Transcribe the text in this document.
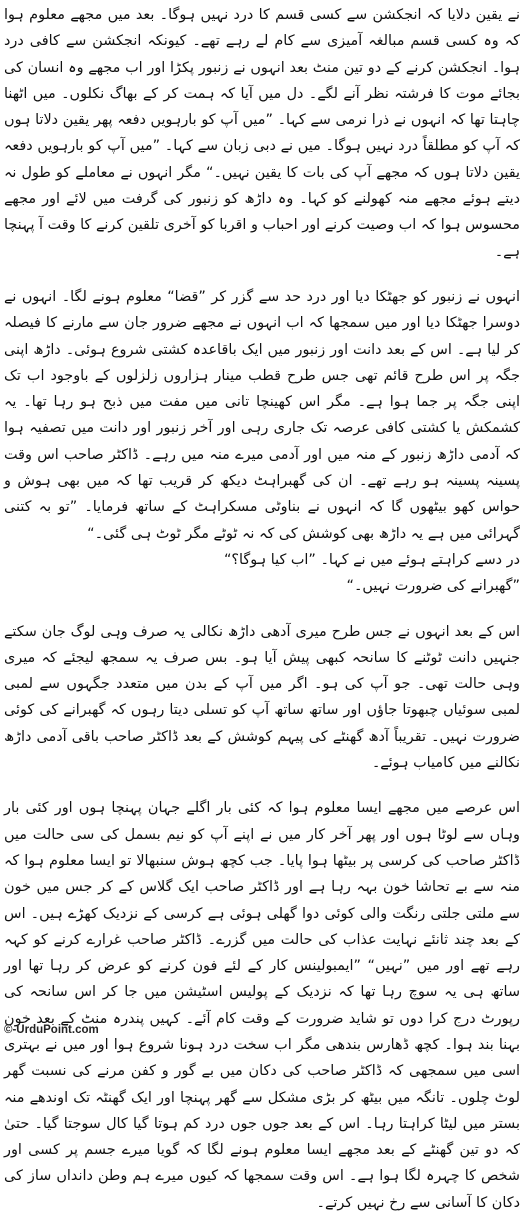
نے یقین دلایا کہ انجکشن سے کسی قسم کا درد نہیں ہوگا۔ بعد میں مجھے معلوم ہوا کہ وہ کسی قسم مبالغہ آمیزی سے کام لے رہے تھے۔ کیونکہ انجکشن سے کافی درد ہوا۔ انجکشن کرنے کے دو تین منٹ بعد انہوں نے زنبور پکڑا اور اب مجھے وہ انسان کی بجائے موت کا فرشتہ نظر آنے لگے۔ دل میں آیا کہ ہمت کر کے بھاگ نکلوں۔ میں اٹھنا چاہتا تھا کہ انہوں نے ذرا نرمی سے کہا۔ ”میں آپ کو بارہویں دفعہ پھر یقین دلاتا ہوں کہ آپ کو مطلقاً درد نہیں ہوگا۔ میں نے دبی زبان سے کہا۔ ”میں آپ کو بارہویں دفعہ یقین دلاتا ہوں کہ مجھے آپ کی بات کا یقین نہیں۔“ مگر انہوں نے معاملے کو طول نہ دیتے ہوئے مجھے منہ کھولنے کو کہا۔ وہ داڑھ کو زنبور کی گرفت میں لائے اور مجھے محسوس ہوا کہ اب وصیت کرنے اور احباب و اقربا کو آخری تلقین کرنے کا وقت آ پہنچا ہے۔

انہوں نے زنبور کو جھٹکا دیا اور درد حد سے گزر کر ”قضا“ معلوم ہونے لگا۔ انہوں نے دوسرا جھٹکا دیا اور میں سمجھا کہ اب انہوں نے مجھے ضرور جان سے مارنے کا فیصلہ کر لیا ہے۔ اس کے بعد دانت اور زنبور میں ایک باقاعدہ کشتی شروع ہوئی۔ داڑھ اپنی جگہ پر اس طرح قائم تھی جس طرح قطب مینار ہزاروں زلزلوں کے باوجود اب تک اپنی جگہ پر جما ہوا ہے۔ مگر اس کھینچا تانی میں مفت میں ذبح ہو رہا تھا۔ یہ کشمکش یا کشتی کافی عرصہ تک جاری رہی اور آخر زنبور اور دانت میں تصفیہ ہوا کہ آدمی داڑھ زنبور کے منہ میں اور آدمی میرے منہ میں رہے۔ ڈاکٹر صاحب اس وقت پسینہ پسینہ ہو رہے تھے۔ ان کی گھبراہٹ دیکھ کر قریب تھا کہ میں بھی ہوش و حواس کھو بیٹھوں گا کہ انہوں نے بناوٹی مسکراہٹ کے ساتھ فرمایا۔ ”تو بہ کتنی گہرائی میں ہے یہ داڑھ بھی کوشش کی کہ نہ ٹوٹے مگر ٹوٹ ہی گئی۔“

در دسے کراہتے ہوئے میں نے کہا۔ ”اب کیا ہوگا؟“

”گھبرانے کی ضرورت نہیں۔“

اس کے بعد انہوں نے جس طرح میری آدھی داڑھ نکالی یہ صرف وہی لوگ جان سکتے جنہیں دانت ٹوٹنے کا سانحہ کبھی پیش آیا ہو۔ بس صرف یہ سمجھ لیجئے کہ میری وہی حالت تھی۔ جو آپ کی ہو۔ اگر میں آپ کے بدن میں متعدد جگہوں سے لمبی لمبی سوئیاں چبھوتا جاؤں اور ساتھ ساتھ آپ کو تسلی دیتا رہوں کہ گھبرانے کی کوئی ضرورت نہیں۔ تقریباً آدھ گھنٹے کی پیہم کوشش کے بعد ڈاکٹر صاحب باقی آدمی داڑھ نکالنے میں کامیاب ہوئے۔

اس عرصے میں مجھے ایسا معلوم ہوا کہ کئی بار اگلے جہان پہنچا ہوں اور کئی بار وہاں سے لوٹا ہوں اور پھر آخر کار میں نے اپنے آپ کو نیم بسمل کی سی حالت میں ڈاکٹر صاحب کی کرسی پر بیٹھا ہوا پایا۔ جب کچھ ہوش سنبھالا تو ایسا معلوم ہوا کہ منہ سے بے تحاشا خون بہہ رہا ہے اور ڈاکٹر صاحب ایک گلاس کے کر جس میں خون سے ملتی جلتی رنگت والی کوئی دوا گھلی ہوئی ہے کرسی کے نزدیک کھڑے ہیں۔ اس کے بعد چند ثانئے نہایت عذاب کی حالت میں گزرے۔ ڈاکٹر صاحب غرارے کرنے کو کہہ رہے تھے اور میں ”نہیں“ ”ایمبولینس کار کے لئے فون کرنے کو عرض کر رہا تھا اور ساتھ ہی یہ سوچ رہا تھا کہ نزدیک کے پولیس اسٹیشن میں جا کر اس سانحہ کی رپورٹ درج کرا دوں تو شاید ضرورت کے وقت کام آئے۔ کہیں پندرہ منٹ کے بعد خون بہنا بند ہوا۔ کچھ ڈھارس بندھی مگر اب سخت درد ہونا شروع ہوا اور میں نے بہتری اسی میں سمجھی کہ ڈاکٹر صاحب کی دکان میں بے گور و کفن مرنے کی نسبت گھر لوٹ چلوں۔ تانگہ میں بیٹھ کر بڑی مشکل سے گھر پہنچا اور ایک گھنٹہ تک اوندھے منہ بستر میں لیٹا کراہتا رہا۔ اس کے بعد جوں جوں درد کم ہوتا گیا کال سوجتا گیا۔ حتیٰ کہ دو تین گھنٹے کے بعد مجھے ایسا معلوم ہونے لگا کہ گویا میرے جسم پر کسی اور شخص کا چہرہ لگا ہوا ہے۔ اس وقت سمجھا کہ کیوں میرے ہم وطن دانداں ساز کی دکان کا آسانی سے رخ نہیں کرتے۔

©-UrduPoint.com
